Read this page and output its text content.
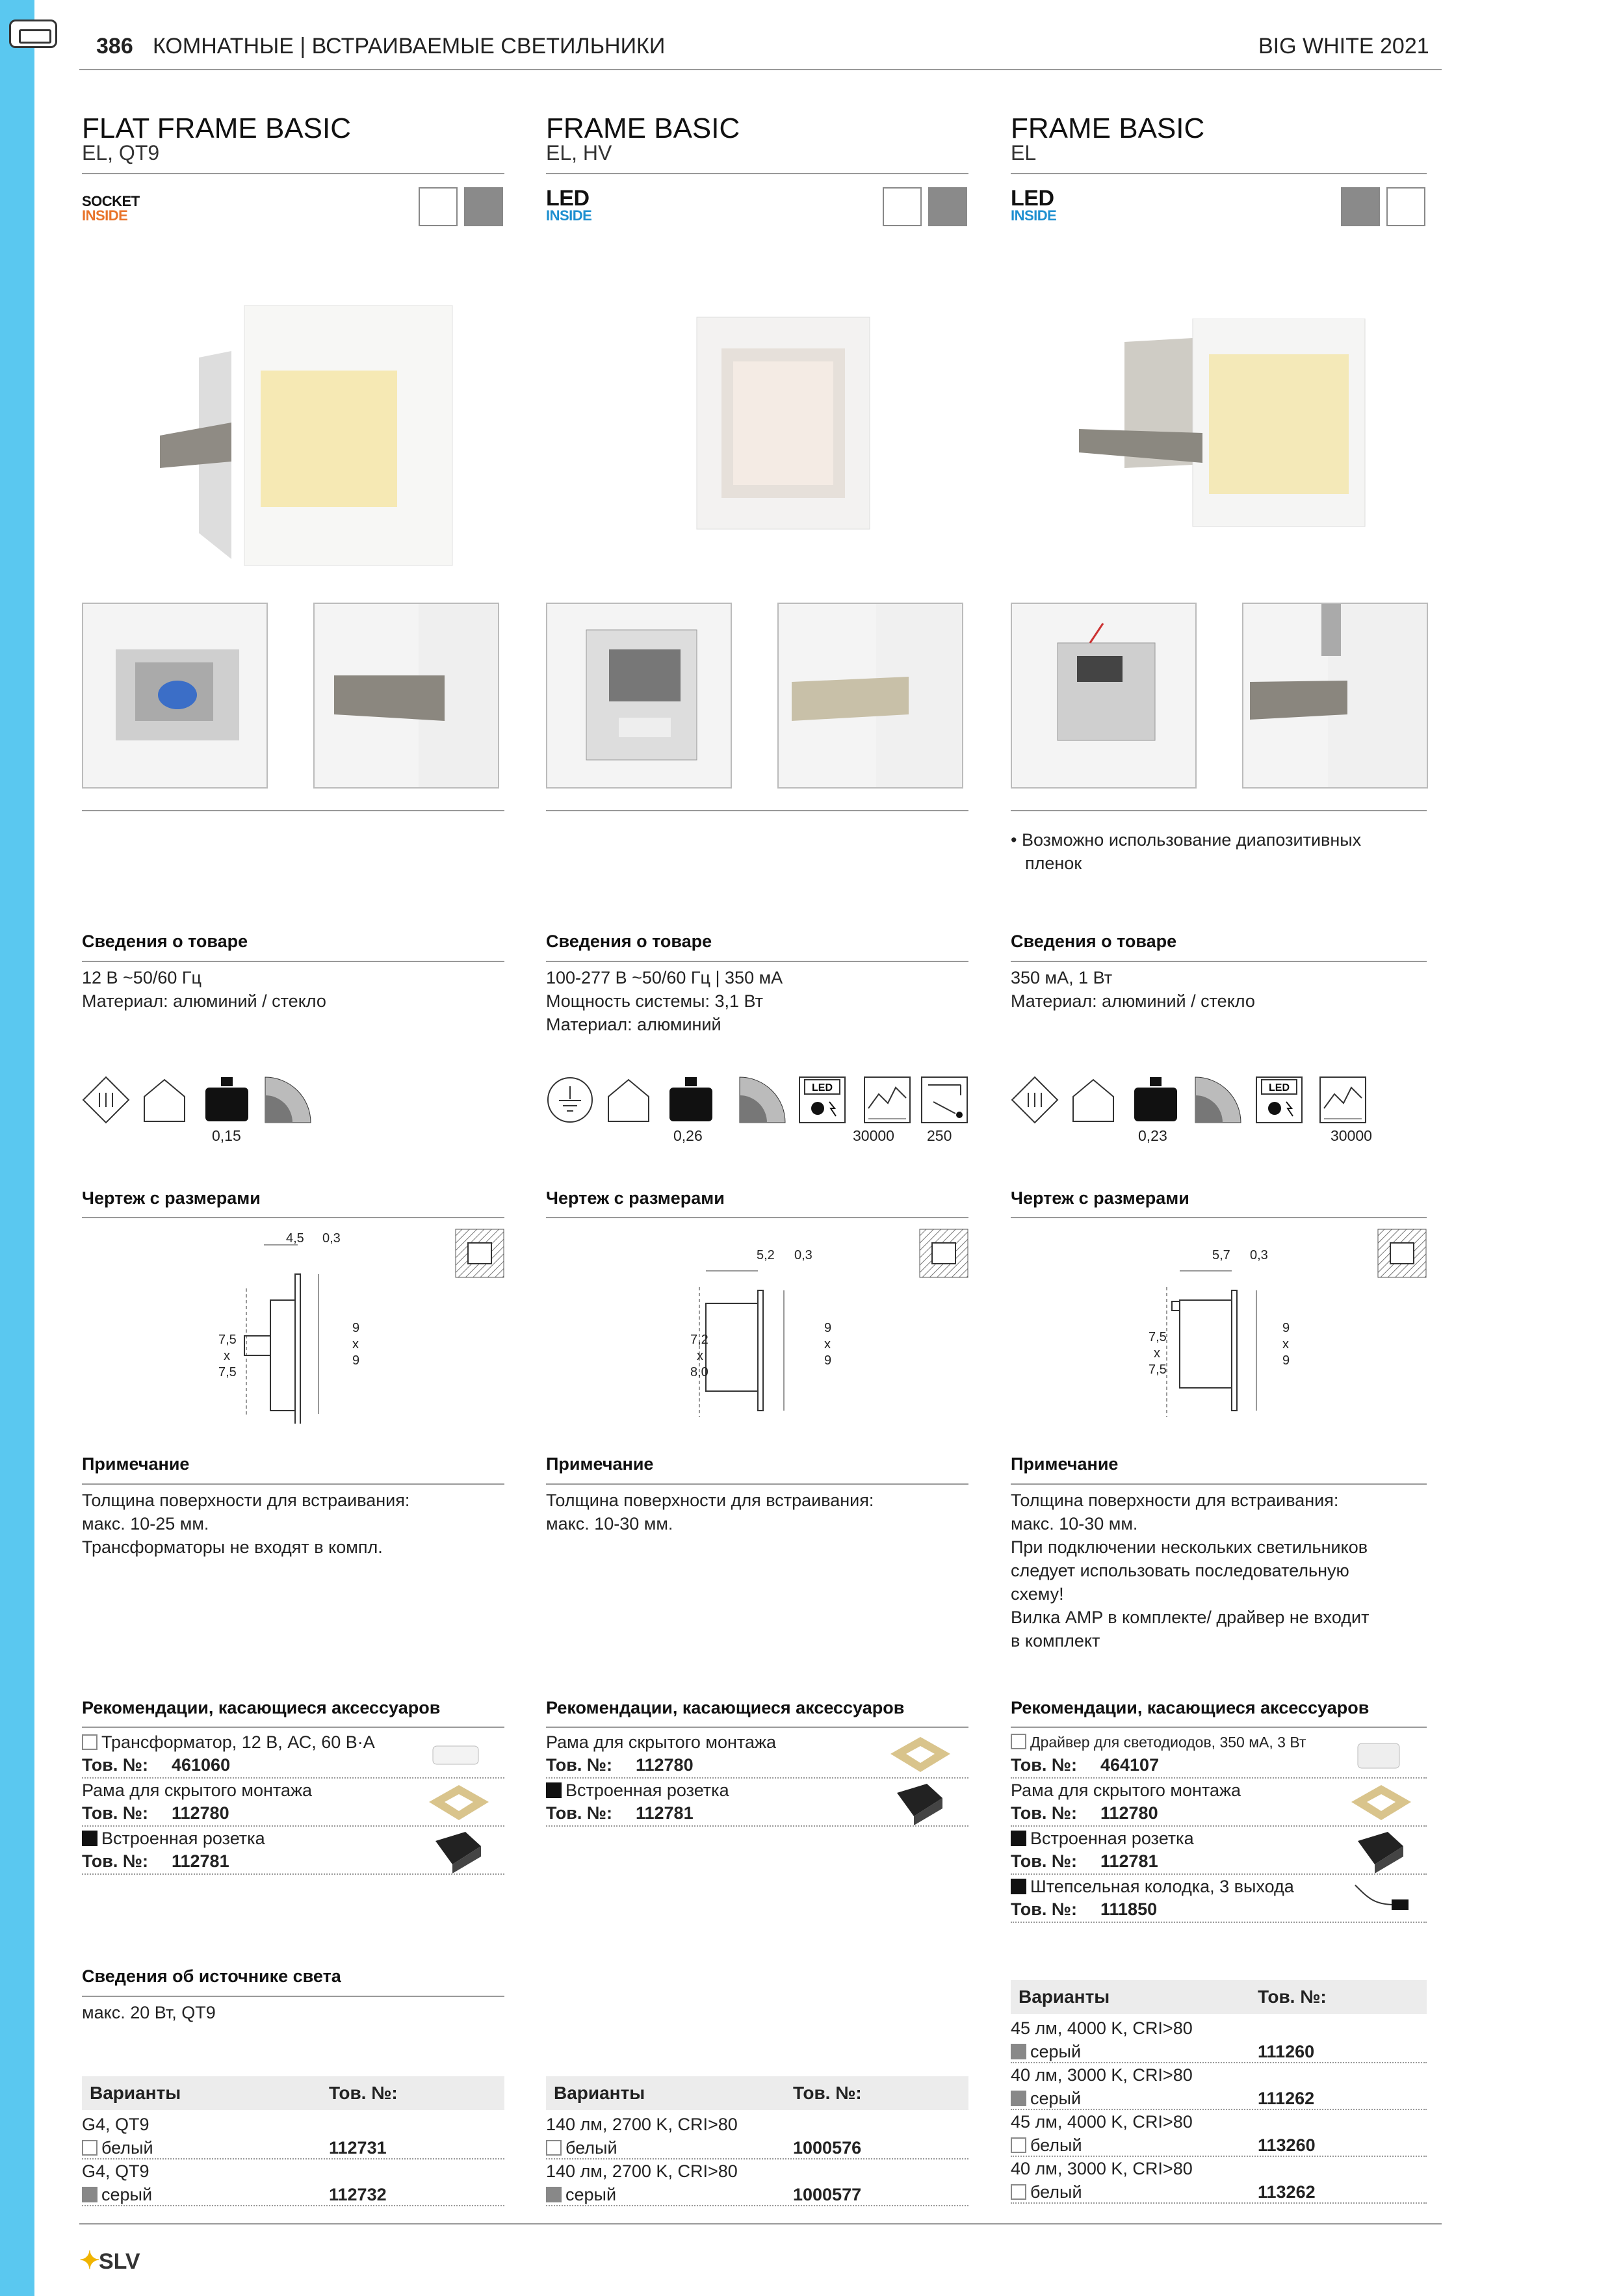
386 КОМНАТНЫЕ | ВСТРАИВАЕМЫЕ СВЕТИЛЬНИКИ	BIG WHITE 2021
FLAT FRAME BASIC
EL, QT9
SOCKET
INSIDE
Сведения о товаре
12 В ~50/60 Гц
Материал: алюминий / стекло
0,15
Чертеж с размерами
4,5 0,3
7,5
x
7,5
9
x
9
Примечание
Толщина поверхности для встраивания:
макс. 10-25 мм.
Трансформаторы не входят в компл.
Рекомендации, касающиеся аксессуаров
Трансформатор, 12 В, АС, 60 В·А
Тов. №: 461060
Рама для скрытого монтажа
Тов. №: 112780
Встроенная розетка
Тов. №: 112781
Сведения об источнике света
макс. 20 Вт, QT9
Варианты	Тов. №:
G4, QT9
белый	112731
G4, QT9
серый	112732
FRAME BASIC
EL, HV
LED
INSIDE
Сведения о товаре
100-277 В ~50/60 Гц | 350 мА
Мощность системы: 3,1 Вт
Материал: алюминий
LED
0,26	30000 250
Чертеж с размерами
5,2 0,3
7,2
x
8,0
9
x
9
Примечание
Толщина поверхности для встраивания:
макс. 10-30 мм.
Рекомендации, касающиеся аксессуаров
Рама для скрытого монтажа
Тов. №: 112780
Встроенная розетка
Тов. №: 112781
Варианты	Тов. №:
140 лм, 2700 K, CRI>80
белый	1000576
140 лм, 2700 K, CRI>80
серый	1000577
FRAME BASIC
EL
LED
INSIDE
• Возможно использование диапозитивных
пленок
Сведения о товаре
350 мА, 1 Вт
Материал: алюминий / стекло
LED
0,23	30000
Чертеж с размерами
5,7 0,3
7,5
x
7,5
9
x
9
Примечание
Толщина поверхности для встраивания:
макс. 10-30 мм.
При подключении нескольких светильников
следует использовать последовательную
схему!
Вилка AMP в комплекте/ драйвер не входит
в комплект
Рекомендации, касающиеся аксессуаров
Драйвер для светодиодов, 350 мА, 3 Вт
Тов. №: 464107
Рама для скрытого монтажа
Тов. №: 112780
Встроенная розетка
Тов. №: 112781
Штепсельная колодка, 3 выхода
Тов. №: 111850
Варианты	Тов. №:
45 лм, 4000 K, CRI>80
серый	111260
40 лм, 3000 K, CRI>80
серый	111262
45 лм, 4000 K, CRI>80
белый	113260
40 лм, 3000 K, CRI>80
белый	113262
✦
SLV
